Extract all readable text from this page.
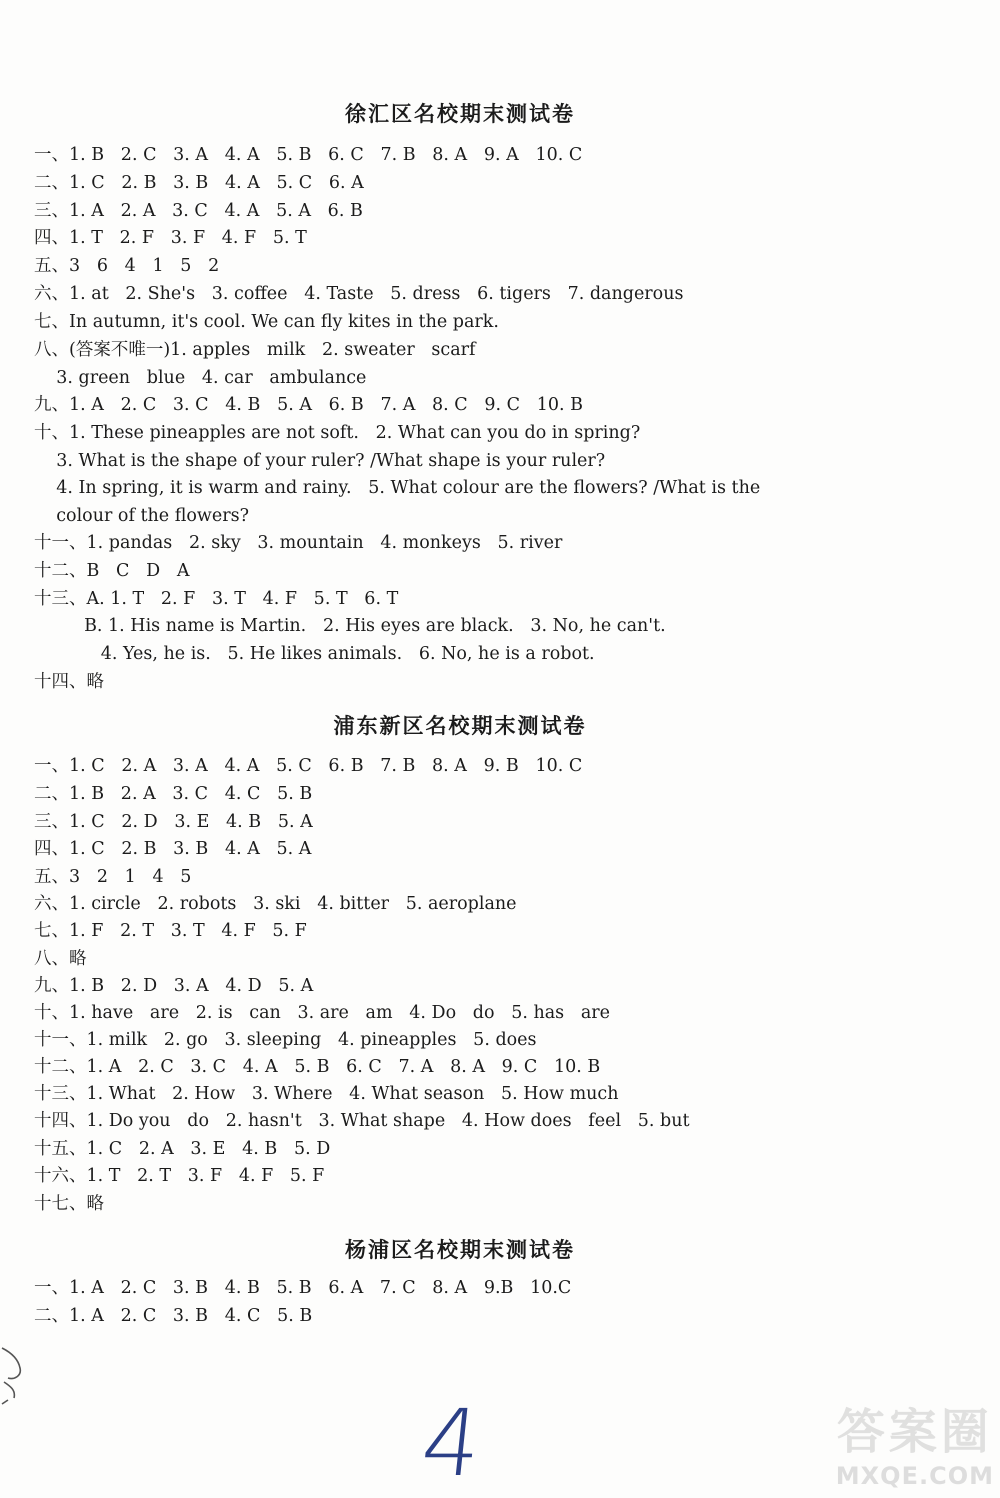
徐汇区名校期末测试卷
一、1. B   2. C   3. A   4. A   5. B   6. C   7. B   8. A   9. A   10. C
二、1. C   2. B   3. B   4. A   5. C   6. A
三、1. A   2. A   3. C   4. A   5. A   6. B
四、1. T   2. F   3. F   4. F   5. T
五、3   6   4   1   5   2
六、1. at   2. She's   3. coffee   4. Taste   5. dress   6. tigers   7. dangerous
七、In autumn, it's cool. We can fly kites in the park.
八、(答案不唯一)1. apples   milk   2. sweater   scarf
3. green   blue   4. car   ambulance
九、1. A   2. C   3. C   4. B   5. A   6. B   7. A   8. C   9. C   10. B
十、1. These pineapples are not soft.   2. What can you do in spring?
3. What is the shape of your ruler? /What shape is your ruler?
4. In spring, it is warm and rainy.   5. What colour are the flowers? /What is the
colour of the flowers?
十一、1. pandas   2. sky   3. mountain   4. monkeys   5. river
十二、B   C   D   A
十三、A. 1. T   2. F   3. T   4. F   5. T   6. T
B. 1. His name is Martin.   2. His eyes are black.   3. No, he can't.
4. Yes, he is.   5. He likes animals.   6. No, he is a robot.
十四、略
浦东新区名校期末测试卷
一、1. C   2. A   3. A   4. A   5. C   6. B   7. B   8. A   9. B   10. C
二、1. B   2. A   3. C   4. C   5. B
三、1. C   2. D   3. E   4. B   5. A
四、1. C   2. B   3. B   4. A   5. A
五、3   2   1   4   5
六、1. circle   2. robots   3. ski   4. bitter   5. aeroplane
七、1. F   2. T   3. T   4. F   5. F
八、略
九、1. B   2. D   3. A   4. D   5. A
十、1. have   are   2. is   can   3. are   am   4. Do   do   5. has   are
十一、1. milk   2. go   3. sleeping   4. pineapples   5. does
十二、1. A   2. C   3. C   4. A   5. B   6. C   7. A   8. A   9. C   10. B
十三、1. What   2. How   3. Where   4. What season   5. How much
十四、1. Do you   do   2. hasn't   3. What shape   4. How does   feel   5. but
十五、1. C   2. A   3. E   4. B   5. D
十六、1. T   2. T   3. F   4. F   5. F
十七、略
杨浦区名校期末测试卷
一、1. A   2. C   3. B   4. B   5. B   6. A   7. C   8. A   9.B   10.C
二、1. A   2. C   3. B   4. C   5. B
4	答案圈
MXQE.COM
